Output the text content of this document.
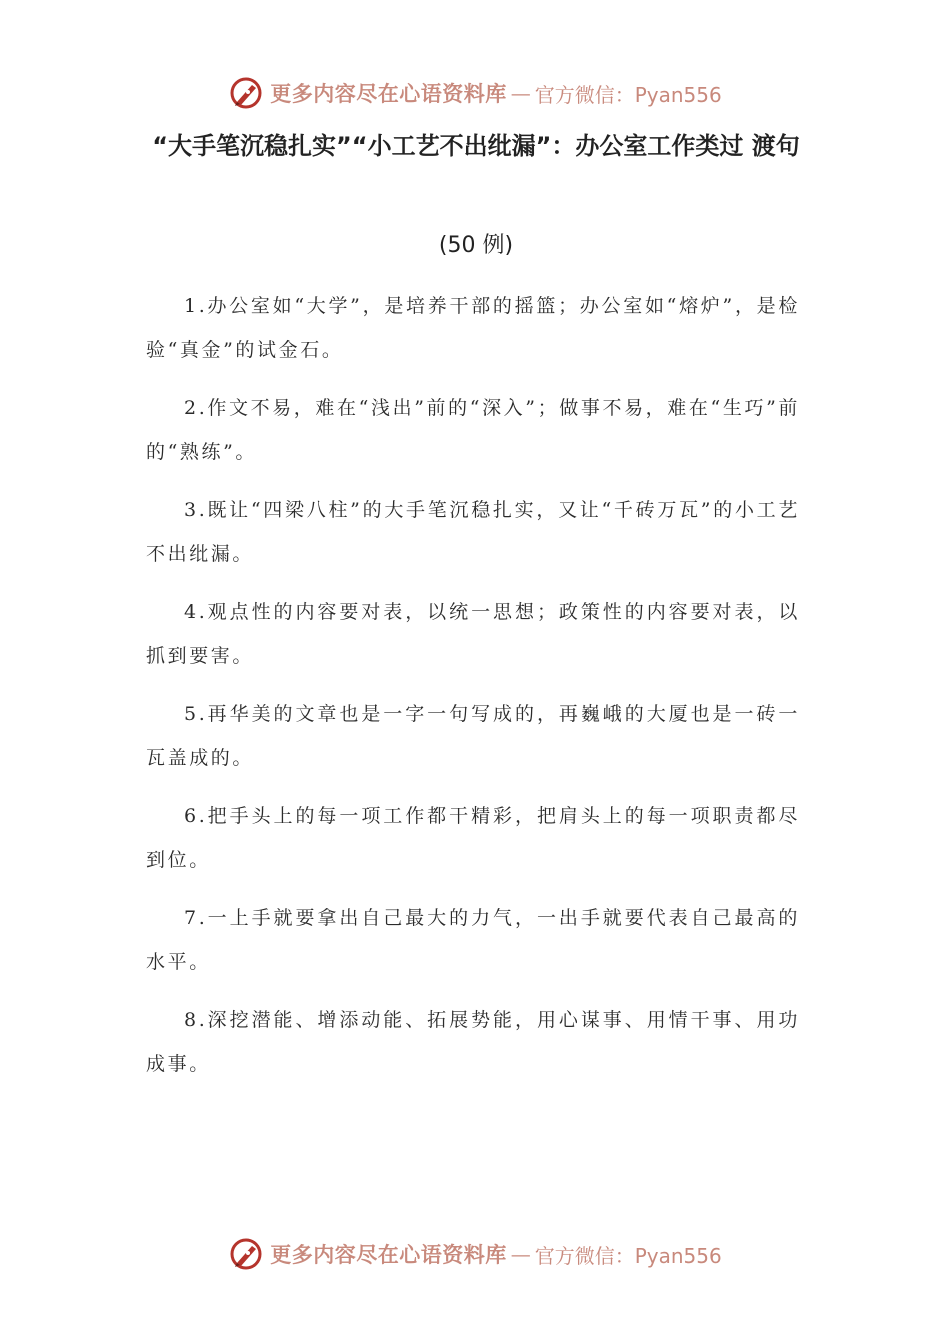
更多内容尽在心语资料库 — 官方微信：Pyan556
“大手笔沉稳扎实”“小工艺不出纰漏”：办公室工作类过 渡句

(50 例)

1.办公室如“大学”，是培养干部的摇篮；办公室如“熔炉”，是检验“真金”的试金石。
2.作文不易，难在“浅出”前的“深入”；做事不易，难在“生巧”前的“熟练”。
3.既让“四梁八柱”的大手笔沉稳扎实，又让“千砖万瓦”的小工艺不出纰漏。
4.观点性的内容要对表，以统一思想；政策性的内容要对表，以抓到要害。
5.再华美的文章也是一字一句写成的，再巍峨的大厦也是一砖一瓦盖成的。
6.把手头上的每一项工作都干精彩，把肩头上的每一项职责都尽到位。
7.一上手就要拿出自己最大的力气，一出手就要代表自己最高的水平。
8.深挖潜能、增添动能、拓展势能，用心谋事、用情干事、用功成事。
更多内容尽在心语资料库 — 官方微信：Pyan556
